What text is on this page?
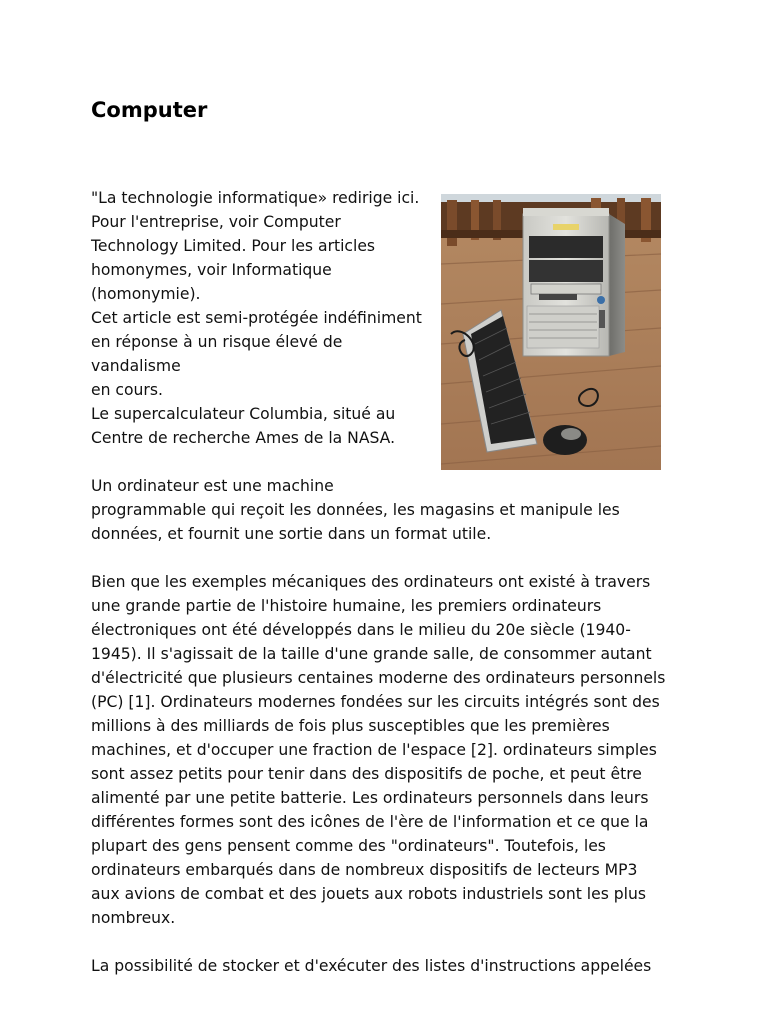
Computer

"La technologie informatique» redirige ici.

Pour l'entreprise, voir Computer

Technology Limited. Pour les articles

homonymes, voir Informatique

(homonymie).

Cet article est semi-protégée indéfiniment

en réponse à un risque élevé de vandalisme

en cours.

Le supercalculateur Columbia, situé au

Centre de recherche Ames de la NASA.

Un ordinateur est une machine programmable qui reçoit les données, les magasins et manipule les données, et fournit une sortie dans un format utile.

Bien que les exemples mécaniques des ordinateurs ont existé à travers une grande partie de l'histoire humaine, les premiers ordinateurs électroniques ont été développés dans le milieu du 20e siècle (1940-1945). Il s'agissait de la taille d'une grande salle, de consommer autant d'électricité que plusieurs centaines moderne des ordinateurs personnels (PC) [1]. Ordinateurs modernes fondées sur les circuits intégrés sont des millions à des milliards de fois plus susceptibles que les premières machines, et d'occuper une fraction de l'espace [2]. ordinateurs simples sont assez petits pour tenir dans des dispositifs de poche, et peut être alimenté par une petite batterie. Les ordinateurs personnels dans leurs différentes formes sont des icônes de l'ère de l'information et ce que la plupart des gens pensent comme des "ordinateurs". Toutefois, les ordinateurs embarqués dans de nombreux dispositifs de lecteurs MP3 aux avions de combat et des jouets aux robots industriels sont les plus nombreux.

La possibilité de stocker et d'exécuter des listes d'instructions appelées
